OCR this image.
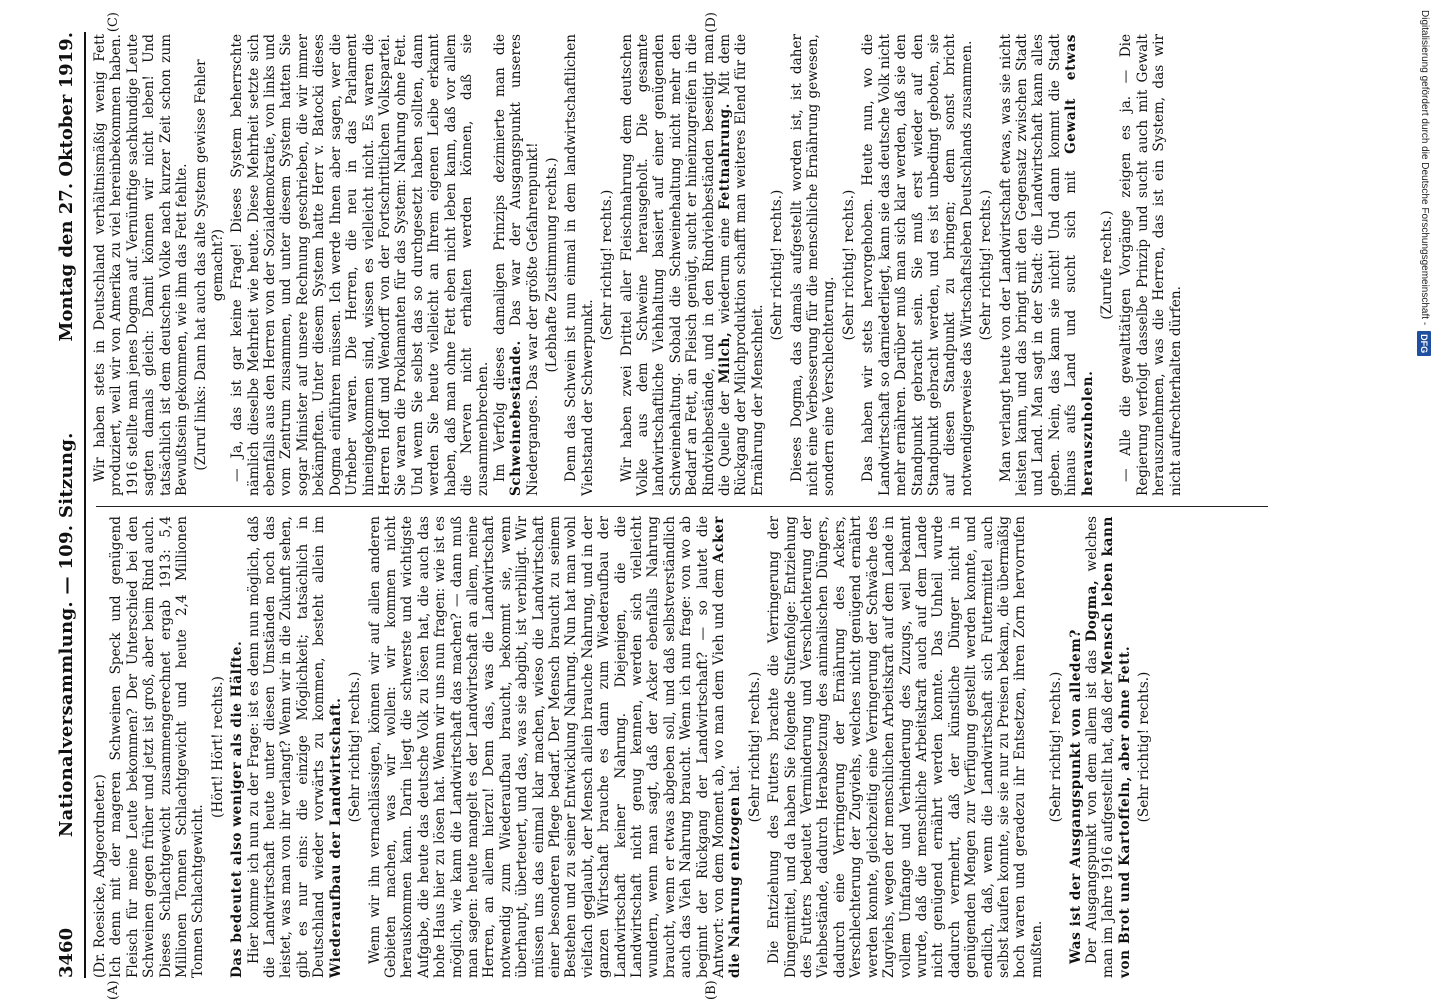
3460
Nationalversammlung. — 109. Sitzung.
Montag den 27. Oktober 1919.
(A)	(B)

(Dr. Roesicke, Abgeordneter.) Ich denn mit der mageren Schweinen Speck und genügend Fleisch für meine Leute bekommen? Der Unterschied bei den Schweinen gegen früher und jetzt ist groß, aber beim Rind auch. Dieses Schlachtgewicht zusammengerechnet ergab 1913: 5,4 Millionen Tonnen Schlachtgewicht und heute 2,4 Millionen Tonnen Schlachtgewicht.

(Hört! Hört! rechts.) Das bedeutet also weniger als die Hälfte. Hier komme ich nun zu der Frage: ist es denn nun möglich, daß die Landwirtschaft heute unter diesen Umständen noch das leistet, was man von ihr verlangt? Wenn wir in die Zukunft sehen, gibt es nur eins: die einzige Möglichkeit; tatsächlich in Deutschland wieder vorwärts zu kommen, besteht allein im Wiederaufbau der Landwirtschaft. (Sehr richtig! rechts.) Wenn wir ihn vernachlässigen, können wir auf allen anderen Gebieten machen, was wir wollen: wir kommen nicht herauskommen kann. Darin liegt die schwerste und wichtigste Aufgabe, die heute das deutsche Volk zu lösen hat, die auch das hohe Haus hier zu lösen hat. Wenn wir uns nun fragen: wie ist es möglich, wie kann die Landwirtschaft das machen? — dann muß man sagen: heute mangelt es der Landwirtschaft an allem, meine Herren, an allem hierzu! Denn das, was die Landwirtschaft notwendig zum Wiederaufbau braucht, bekommt sie, wenn überhaupt, überteuert, und das, was sie abgibt, ist verbilligt. Wir müssen uns das einmal klar machen, wieso die Landwirtschaft einer besonderen Pflege bedarf. Der Mensch braucht zu seinem Bestehen und zu seiner Entwicklung Nahrung. Nun hat man wohl vielfach geglaubt, der Mensch allein brauche Nahrung, und in der ganzen Wirtschaft brauche es dann zum Wiederaufbau der Landwirtschaft keiner Nahrung. Diejenigen, die die Landwirtschaft nicht genug kennen, werden sich vielleicht wundern, wenn man sagt, daß der Acker ebenfalls Nahrung braucht, wenn er etwas abgeben soll, und daß selbstverständlich auch das Vieh Nahrung braucht. Wenn ich nun frage: von wo ab beginnt der Rückgang der Landwirtschaft? — so lautet die Antwort: von dem Moment ab, wo man dem Vieh und dem Acker die Nahrung entzogen hat. (Sehr richtig! rechts.) Die Entziehung des Futters brachte die Verringerung der Düngemittel, und da haben Sie folgende Stufenfolge: Entziehung des Futters bedeutet Verminderung und Verschlechterung der Viehbestände, dadurch Herabsetzung des animalischen Düngers, dadurch eine Verringerung der Ernährung des Ackers, Verschlechterung der Zugviehs, welches nicht genügend ernährt werden konnte, gleichzeitig eine Verringerung der Schwäche des Zugviehs, wegen der menschlichen Arbeitskraft auf dem Lande in vollem Umfange und Verhinderung des Zuzugs, weil bekannt wurde, daß die menschliche Arbeitskraft auch auf dem Lande nicht genügend ernährt werden konnte. Das Unheil wurde dadurch vermehrt, daß der künstliche Dünger nicht in genügenden Mengen zur Verfügung gestellt werden konnte, und endlich, daß, wenn die Landwirtschaft sich Futtermittel auch selbst kaufen konnte, sie sie nur zu Preisen bekam, die übermäßig hoch waren und geradezu ihr Entsetzen, ihren Zorn hervorrufen mußten.

(Sehr richtig! rechts.) Was ist der Ausgangspunkt von alledem? Der Ausgangspunkt von dem allem ist das Dogma, welches man im Jahre 1916 aufgestellt hat, daß der Mensch leben kann von Brot und Kartoffeln, aber ohne Fett. (Sehr richtig! rechts.)

(C)	(D)

Wir haben stets in Deutschland verhältnismäßig wenig Fett produziert, weil wir von Amerika zu viel hereinbekommen haben. 1916 stellte man jenes Dogma auf. Vernünftige sachkundige Leute sagten damals gleich: Damit können wir nicht leben! Und tatsächlich ist dem deutschen Volke nach kurzer Zeit schon zum Bewußtsein gekommen, wie ihm das Fett fehlte. (Zuruf links: Dann hat auch das alte System gewisse Fehler gemacht?) — Ja, das ist gar keine Frage! Dieses System beherrschte nämlich dieselbe Mehrheit wie heute. Diese Mehrheit setzte sich ebenfalls aus den Herren von der Sozialdemokratie, von links und vom Zentrum zusammen, und unter diesem System hatten Sie sogar Minister auf unsere Rechnung geschrieben, die wir immer bekämpften. Unter diesem System hatte Herr v. Batocki dieses Dogma einführen müssen. Ich werde Ihnen aber sagen, wer die Urheber waren. Die Herren, die neu in das Parlament hineingekommen sind, wissen es vielleicht nicht. Es waren die Herren Hoff und Wendorff von der Fortschrittlichen Volkspartei. Sie waren die Proklamanten für das System: Nahrung ohne Fett. Und wenn Sie selbst das so durchgesetzt haben sollten, dann werden Sie heute vielleicht an Ihrem eigenen Leibe erkannt haben, daß man ohne Fett eben nicht leben kann, daß vor allem die Nerven nicht erhalten werden können, daß sie zusammenbrechen. Im Verfolg dieses damaligen Prinzips dezimierte man die Schweinebestände. Das war der Ausgangspunkt unseres Niederganges. Das war der größte Gefahrenpunkt! (Lebhafte Zustimmung rechts.) Denn das Schwein ist nun einmal in dem landwirtschaftlichen Viehstand der Schwerpunkt.

(Sehr richtig! rechts.) Wir haben zwei Drittel aller Fleischnahrung dem deutschen Volke aus dem Schweine herausgeholt. Die gesamte landwirtschaftliche Viehhaltung basiert auf einer genügenden Schweinehaltung. Sobald die Schweinehaltung nicht mehr den Bedarf an Fett, an Fleisch genügt, sucht er hineinzugreifen in die Rindviehbestände, und in den Rindviehbeständen beseitigt man die Quelle der Milch, wiederum eine Fettnahrung. Mit dem Rückgang der Milchproduktion schafft man weiteres Elend für die Ernährung der Menschheit.

(Sehr richtig! rechts.) Dieses Dogma, das damals aufgestellt worden ist, ist daher nicht eine Verbesserung für die menschliche Ernährung gewesen, sondern eine Verschlechterung.

(Sehr richtig! rechts.) Das haben wir stets hervorgehoben. Heute nun, wo die Landwirtschaft so darniederliegt, kann sie das deutsche Volk nicht mehr ernähren. Darüber muß man sich klar werden, daß sie den Standpunkt gebracht sein. Sie muß erst wieder auf den Standpunkt gebracht werden, und es ist unbedingt geboten, sie auf diesen Standpunkt zu bringen; denn sonst bricht notwendigerweise das Wirtschaftsleben Deutschlands zusammen. (Sehr richtig! rechts.) Man verlangt heute von der Landwirtschaft etwas, was sie nicht leisten kann, und das bringt mit den Gegensatz zwischen Stadt und Land. Man sagt in der Stadt: die Landwirtschaft kann alles geben. Nein, das kann sie nicht! Und dann kommt die Stadt hinaus aufs Land und sucht sich mit Gewalt etwas herauszuholen.

(Zurufe rechts.) — Alle die gewalttätigen Vorgänge zeigen es ja. — Die Regierung verfolgt dasselbe Prinzip und sucht auch mit Gewalt herauszunehmen, was die Herren, das ist ein System, das wir nicht aufrechterhalten dürfen.

Digitalisierung gefördert durch die Deutsche Forschungsgemeinschaft -
DFG
